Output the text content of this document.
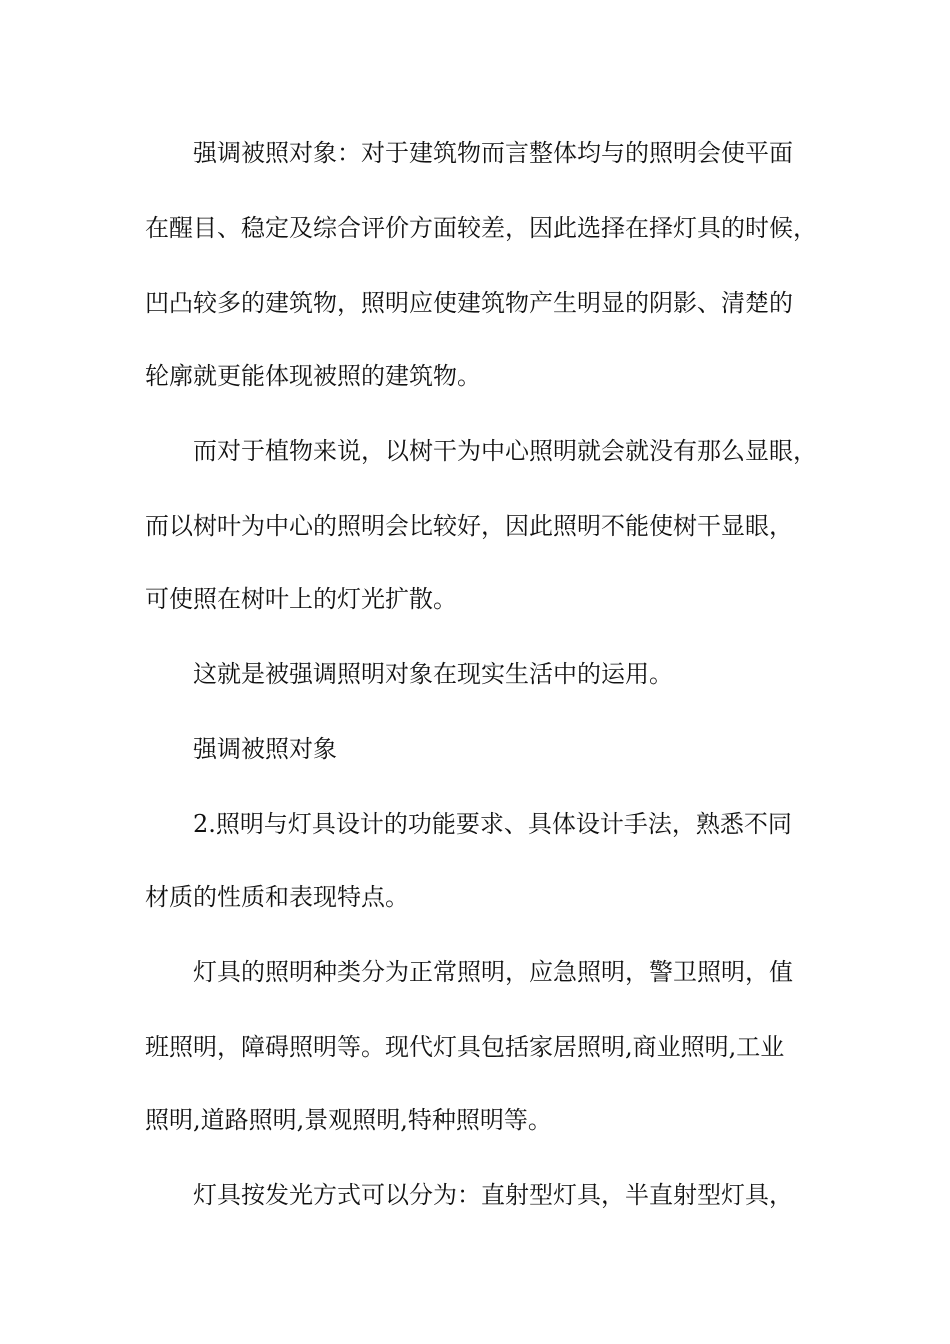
强调被照对象：对于建筑物而言整体均与的照明会使平面
在醒目、稳定及综合评价方面较差，因此选择在择灯具的时候，
凹凸较多的建筑物，照明应使建筑物产生明显的阴影、清楚的
轮廓就更能体现被照的建筑物。
而对于植物来说，以树干为中心照明就会就没有那么显眼，
而以树叶为中心的照明会比较好，因此照明不能使树干显眼，
可使照在树叶上的灯光扩散。
这就是被强调照明对象在现实生活中的运用。
强调被照对象
2.照明与灯具设计的功能要求、具体设计手法，熟悉不同
材质的性质和表现特点。
灯具的照明种类分为正常照明，应急照明，警卫照明，值
班照明，障碍照明等。现代灯具包括家居照明,商业照明,工业
照明,道路照明,景观照明,特种照明等。
灯具按发光方式可以分为：直射型灯具，半直射型灯具，
